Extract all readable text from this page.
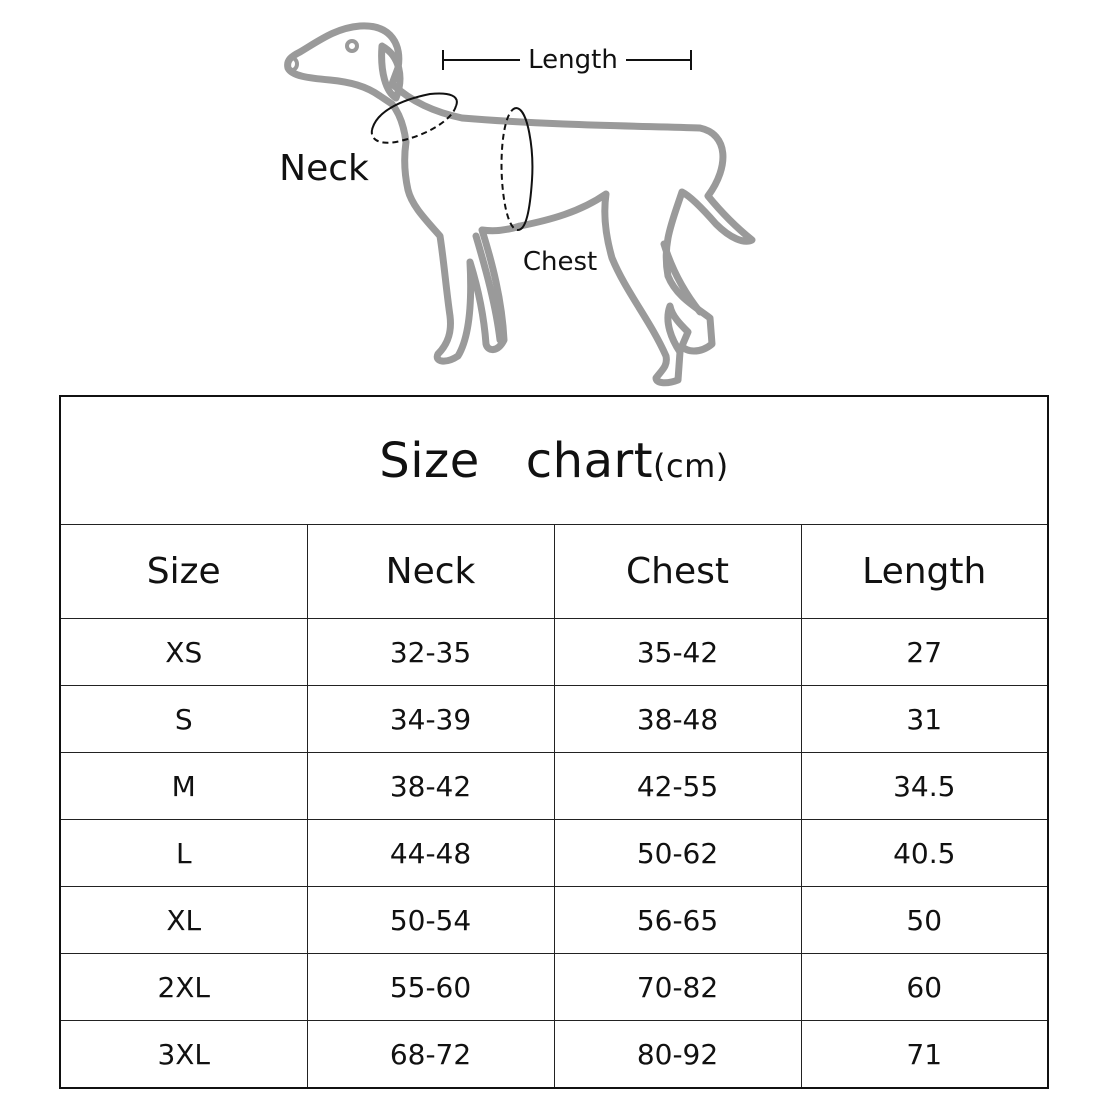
Length
Neck
Chest
Size chart(cm)			
Size	Neck	Chest	Length
XS	32-35	35-42	27
S	34-39	38-48	31
M	38-42	42-55	34.5
L	44-48	50-62	40.5
XL	50-54	56-65	50
2XL	55-60	70-82	60
3XL	68-72	80-92	71
